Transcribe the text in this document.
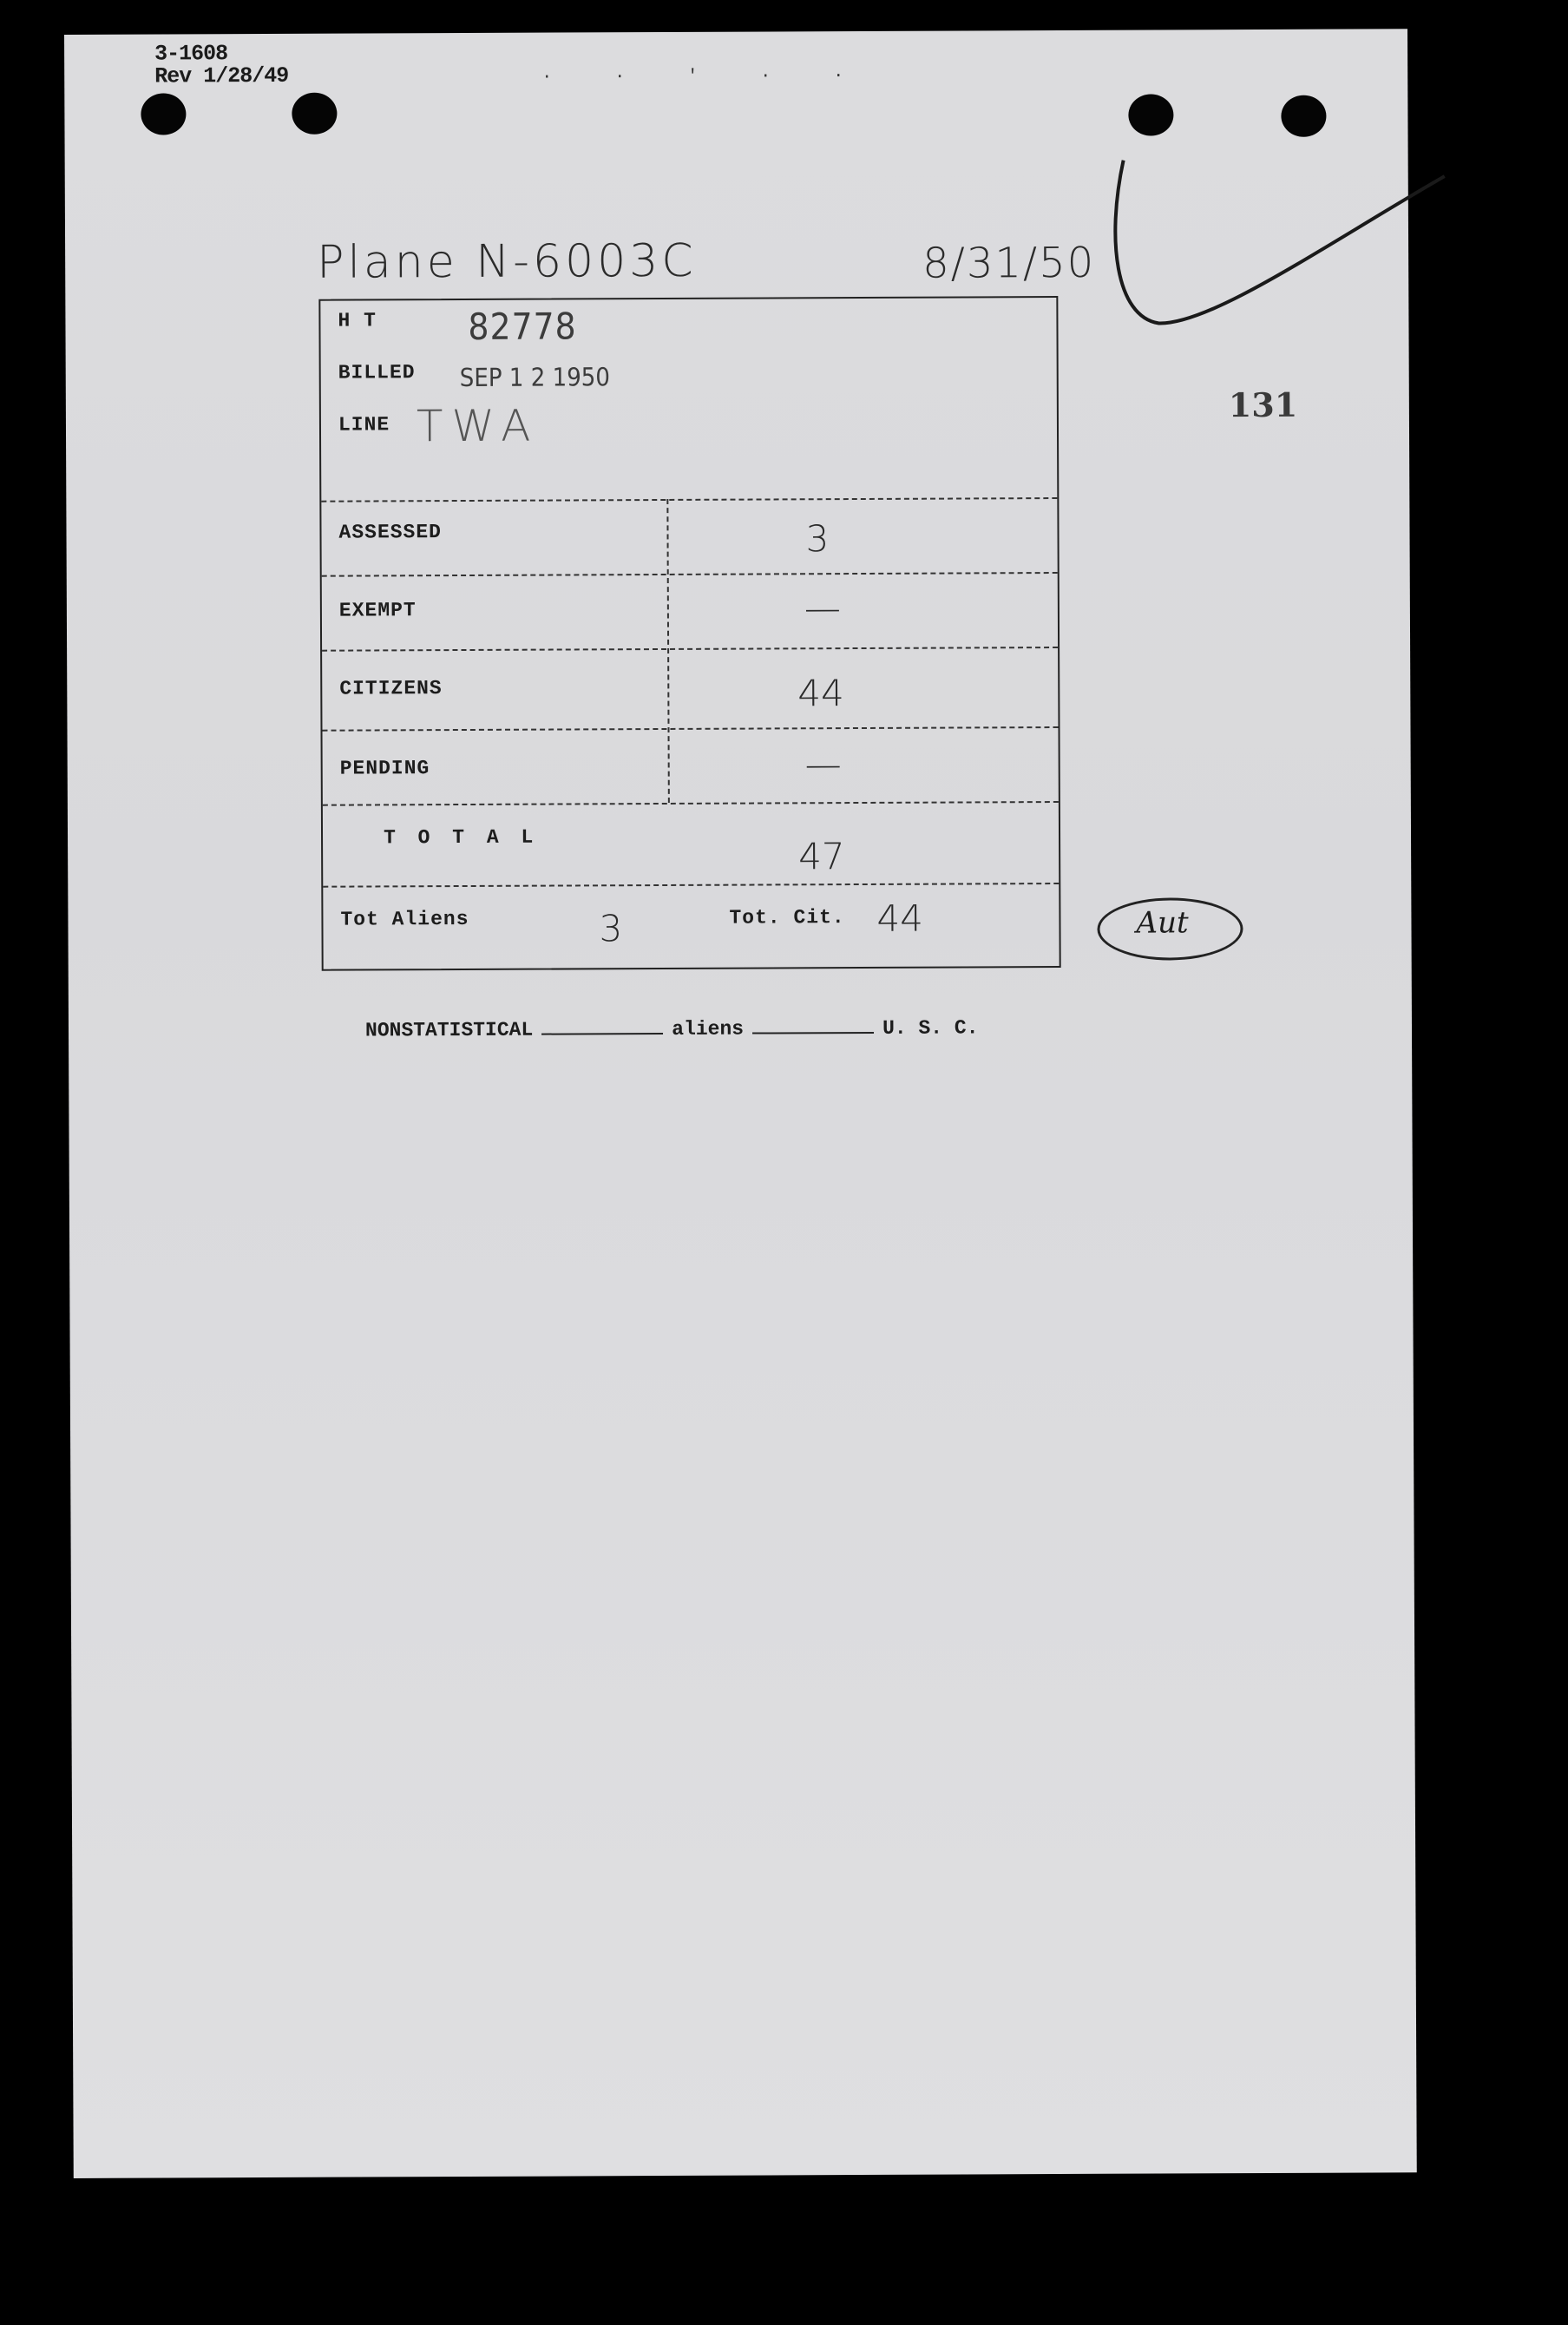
3-1608
Rev 1/28/49	· · ' · ·
Plane N-6003C	8/31/50
131
H T	82778
BILLED SEP 1 2 1950
LINE TWA
ASSESSED	3
EXEMPT	—
CITIZENS	44
PENDING	—
T O T A L	47
Tot Aliens	3	Tot. Cit. 44	Aut
NONSTATISTICAL	aliens	U. S. C.
